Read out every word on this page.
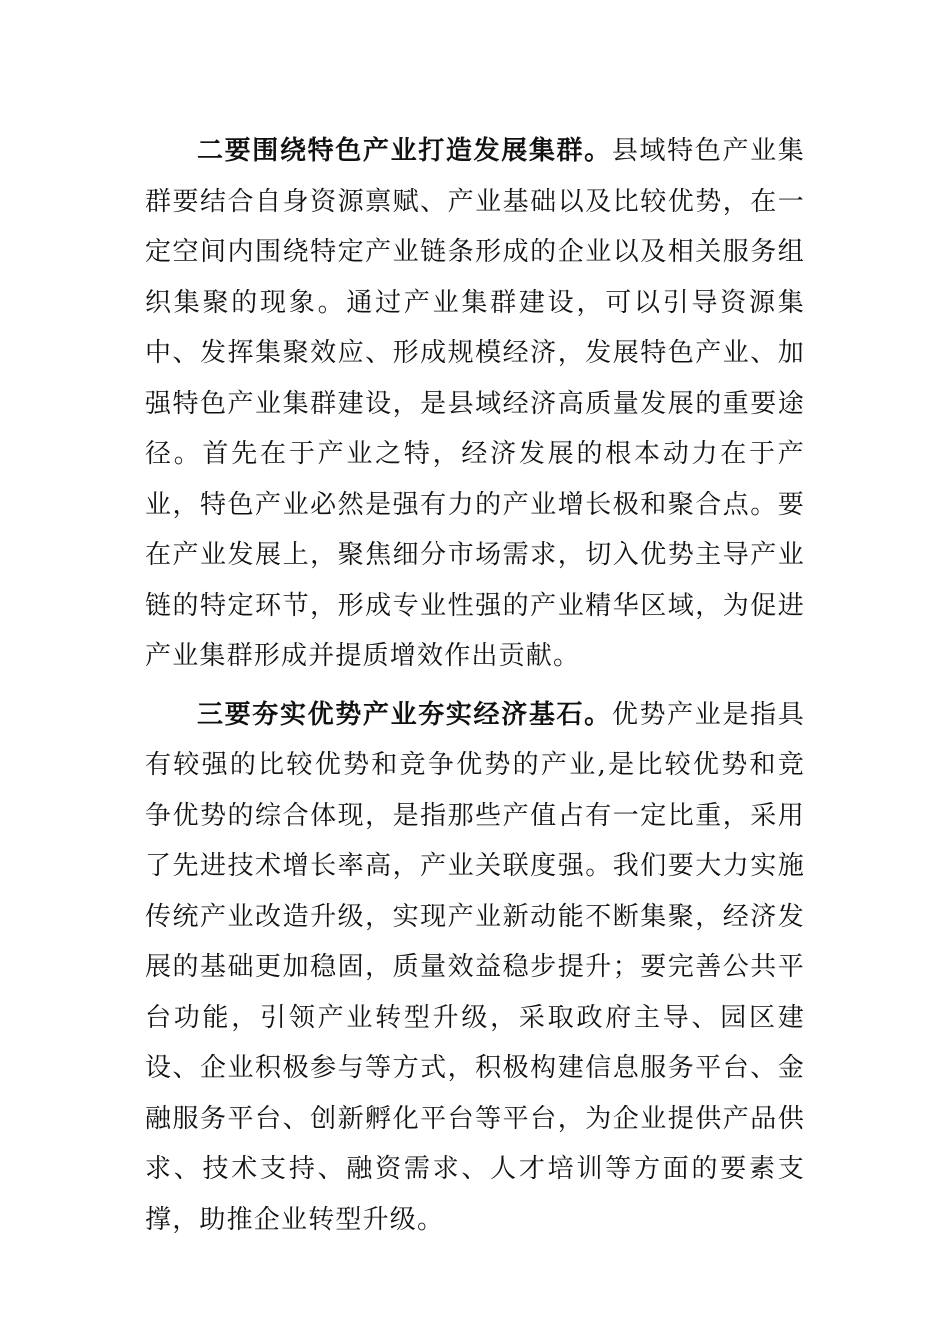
二要围绕特色产业打造发展集群。县域特色产业集群要结合自身资源禀赋、产业基础以及比较优势，在一定空间内围绕特定产业链条形成的企业以及相关服务组织集聚的现象。通过产业集群建设，可以引导资源集中、发挥集聚效应、形成规模经济，发展特色产业、加强特色产业集群建设，是县域经济高质量发展的重要途径。首先在于产业之特，经济发展的根本动力在于产业，特色产业必然是强有力的产业增长极和聚合点。要在产业发展上，聚焦细分市场需求，切入优势主导产业链的特定环节，形成专业性强的产业精华区域，为促进产业集群形成并提质增效作出贡献。

三要夯实优势产业夯实经济基石。优势产业是指具有较强的比较优势和竞争优势的产业,是比较优势和竞争优势的综合体现，是指那些产值占有一定比重，采用了先进技术增长率高，产业关联度强。我们要大力实施传统产业改造升级，实现产业新动能不断集聚，经济发展的基础更加稳固，质量效益稳步提升；要完善公共平台功能，引领产业转型升级，采取政府主导、园区建设、企业积极参与等方式，积极构建信息服务平台、金融服务平台、创新孵化平台等平台，为企业提供产品供求、技术支持、融资需求、人才培训等方面的要素支撑，助推企业转型升级。
